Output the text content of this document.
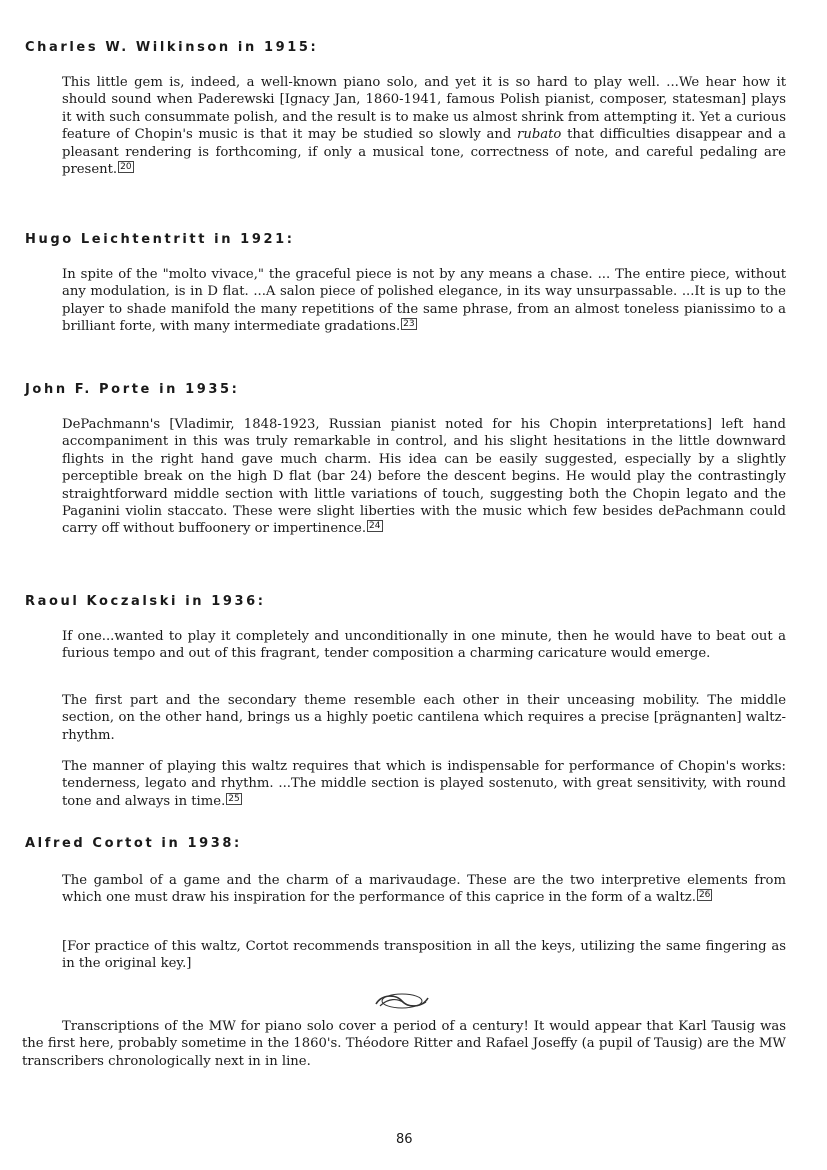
Charles W. Wilkinson in 1915:

This little gem is, indeed, a well-known piano solo, and yet it is so hard to play well. ...We hear how it should sound when Paderewski [Ignacy Jan, 1860-1941, famous Polish pianist, composer, statesman] plays it with such consummate polish, and the result is to make us almost shrink from attempting it. Yet a curious feature of Chopin's music is that it may be studied so slowly and rubato that difficulties disappear and a pleasant rendering is forthcoming, if only a musical tone, correctness of note, and careful pedaling are present. $^{20}$

Hugo Leichtentritt in 1921:

In spite of the "molto vivace," the graceful piece is not by any means a chase. ... The entire piece, without any modulation, is in D flat. ...A salon piece of polished elegance, in its way unsurpassable. ...It is up to the player to shade manifold the many repetitions of the same phrase, from an almost toneless pianissimo to a brilliant forte, with many intermediate gradations. $^{23}$

John F. Porte in 1935:

DePachmann's [Vladimir, 1848-1923, Russian pianist noted for his Chopin interpretations] left hand accompaniment in this was truly remarkable in control, and his slight hesitations in the little downward flights in the right hand gave much charm. His idea can be easily suggested, especially by a slightly perceptible break on the high D flat (bar 24) before the descent begins. He would play the contrastingly straightforward middle section with little variations of touch, suggesting both the Chopin legato and the Paganini violin staccato. These were slight liberties with the music which few besides dePachmann could carry off without buffoonery or impertinence. $^{24}$

Raoul Koczalski in 1936:

If one...wanted to play it completely and unconditionally in one minute, then he would have to beat out a furious tempo and out of this fragrant, tender composition a charming caricature would emerge.

The first part and the secondary theme resemble each other in their unceasing mobility. The middle section, on the other hand, brings us a highly poetic cantilena which requires a precise [prägnanten] waltz-rhythm.

The manner of playing this waltz requires that which is indispensable for performance of Chopin's works: tenderness, legato and rhythm. ...The middle section is played sostenuto, with great sensitivity, with round tone and always in time. $^{25}$

Alfred Cortot in 1938:

The gambol of a game and the charm of a marivaudage. These are the two interpretive elements from which one must draw his inspiration for the performance of this caprice in the form of a waltz. $^{26}$

[For practice of this waltz, Cortot recommends transposition in all the keys, utilizing the same fingering as in the original key.]

Transcriptions of the MW for piano solo cover a period of a century! It would appear that Karl Tausig was the first here, probably sometime in the 1860's. Théodore Ritter and Rafael Joseffy (a pupil of Tausig) are the MW transcribers chronologically next in in line.

86
